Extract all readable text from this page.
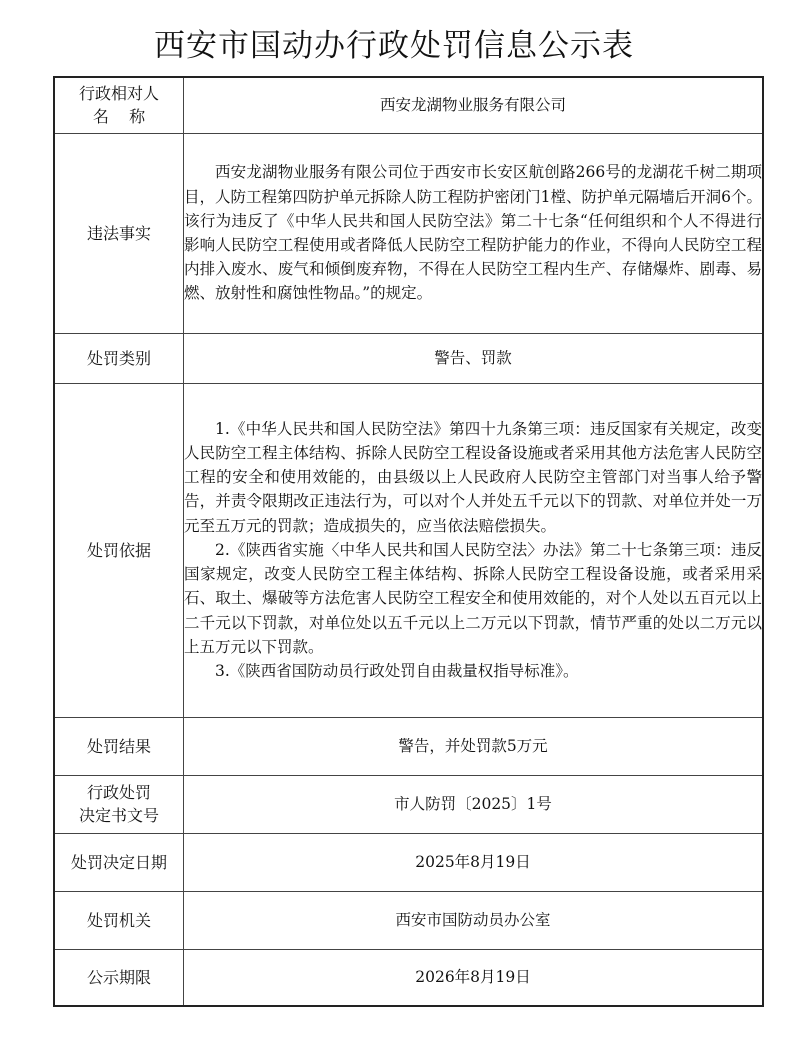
西安市国动办行政处罚信息公示表
行政相对人
名    称	西安龙湖物业服务有限公司
违法事实	西安龙湖物业服务有限公司位于西安市长安区航创路266号的龙湖花千树二期项目，人防工程第四防护单元拆除人防工程防护密闭门1樘、防护单元隔墙后开洞6个。该行为违反了《中华人民共和国人民防空法》第二十七条“任何组织和个人不得进行影响人民防空工程使用或者降低人民防空工程防护能力的作业，不得向人民防空工程内排入废水、废气和倾倒废弃物，不得在人民防空工程内生产、存储爆炸、剧毒、易燃、放射性和腐蚀性物品。”的规定。

处罚类别	警告、罚款
处罚依据	1.《中华人民共和国人民防空法》第四十九条第三项：违反国家有关规定，改变人民防空工程主体结构、拆除人民防空工程设备设施或者采用其他方法危害人民防空工程的安全和使用效能的，由县级以上人民政府人民防空主管部门对当事人给予警告，并责令限期改正违法行为，可以对个人并处五千元以下的罚款、对单位并处一万元至五万元的罚款；造成损失的，应当依法赔偿损失。

2.《陕西省实施〈中华人民共和国人民防空法〉办法》第二十七条第三项：违反国家规定，改变人民防空工程主体结构、拆除人民防空工程设备设施，或者采用采石、取土、爆破等方法危害人民防空工程安全和使用效能的，对个人处以五百元以上二千元以下罚款，对单位处以五千元以上二万元以下罚款，情节严重的处以二万元以上五万元以下罚款。

3.《陕西省国防动员行政处罚自由裁量权指导标准》。

处罚结果	警告，并处罚款5万元

行政处罚
决定书文号	市人防罚〔2025〕1号
处罚决定日期	2025年8月19日
处罚机关	西安市国防动员办公室
公示期限	2026年8月19日
